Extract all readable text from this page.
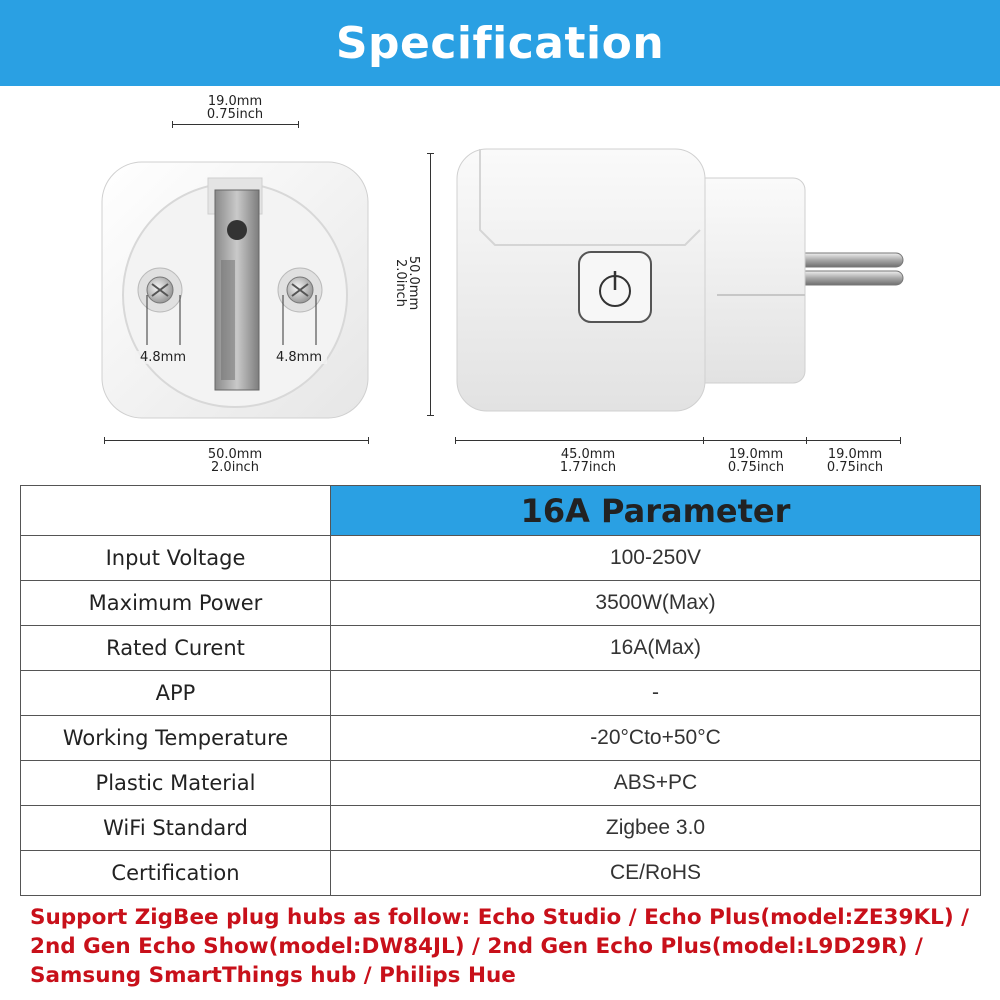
Specification
19.0mm
0.75inch
4.8mm	4.8mm
50.0mm
2.0inch
50.0mm
2.0inch
45.0mm
1.77inch
19.0mm
0.75inch
19.0mm
0.75inch
	16A Parameter
Input Voltage	100-250V
Maximum Power	3500W(Max)
Rated Curent	16A(Max)
APP	-
Working Temperature	-20°Cto+50°C
Plastic Material	ABS+PC
WiFi Standard	Zigbee 3.0
Certification	CE/RoHS
Support ZigBee plug hubs as follow: Echo Studio / Echo Plus(model:ZE39KL) /
2nd Gen Echo Show(model:DW84JL) / 2nd Gen Echo Plus(model:L9D29R) /
Samsung SmartThings hub / Philips Hue
